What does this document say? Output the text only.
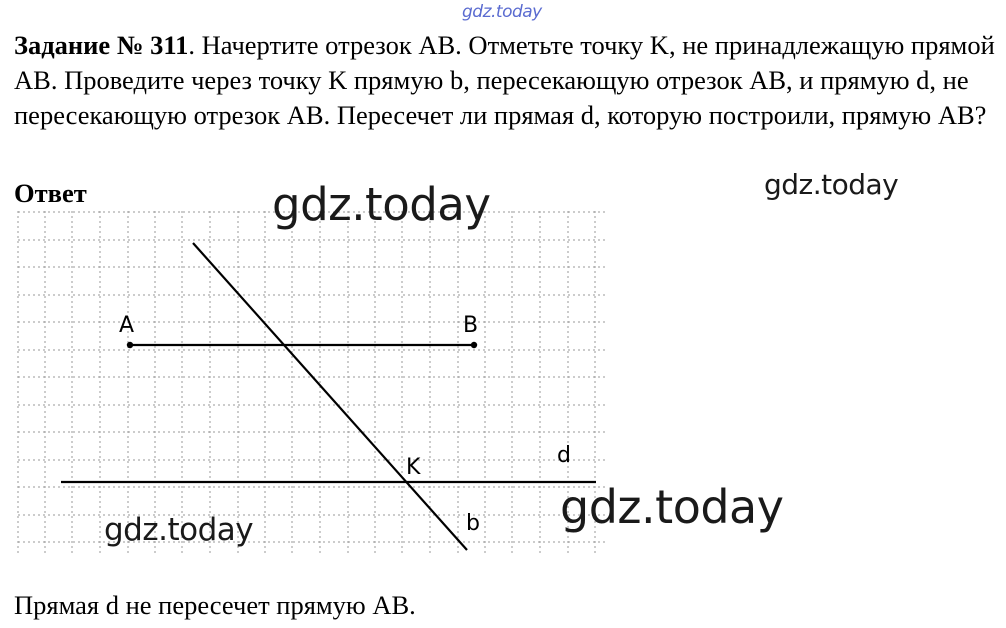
gdz.today

Задание № 311. Начертите отрезок АВ. Отметьте точку K, не принадлежащую прямой АВ. Проведите через точку K прямую b, пересекающую отрезок АВ, и прямую d, не пересекающую отрезок АВ. Пересечет ли прямая d, которую построили, прямую АВ?

Ответ

A	B
K	d
b
gdz.today	gdz.today
gdz.today
gdz.today

Прямая d не пересечет прямую АВ.
